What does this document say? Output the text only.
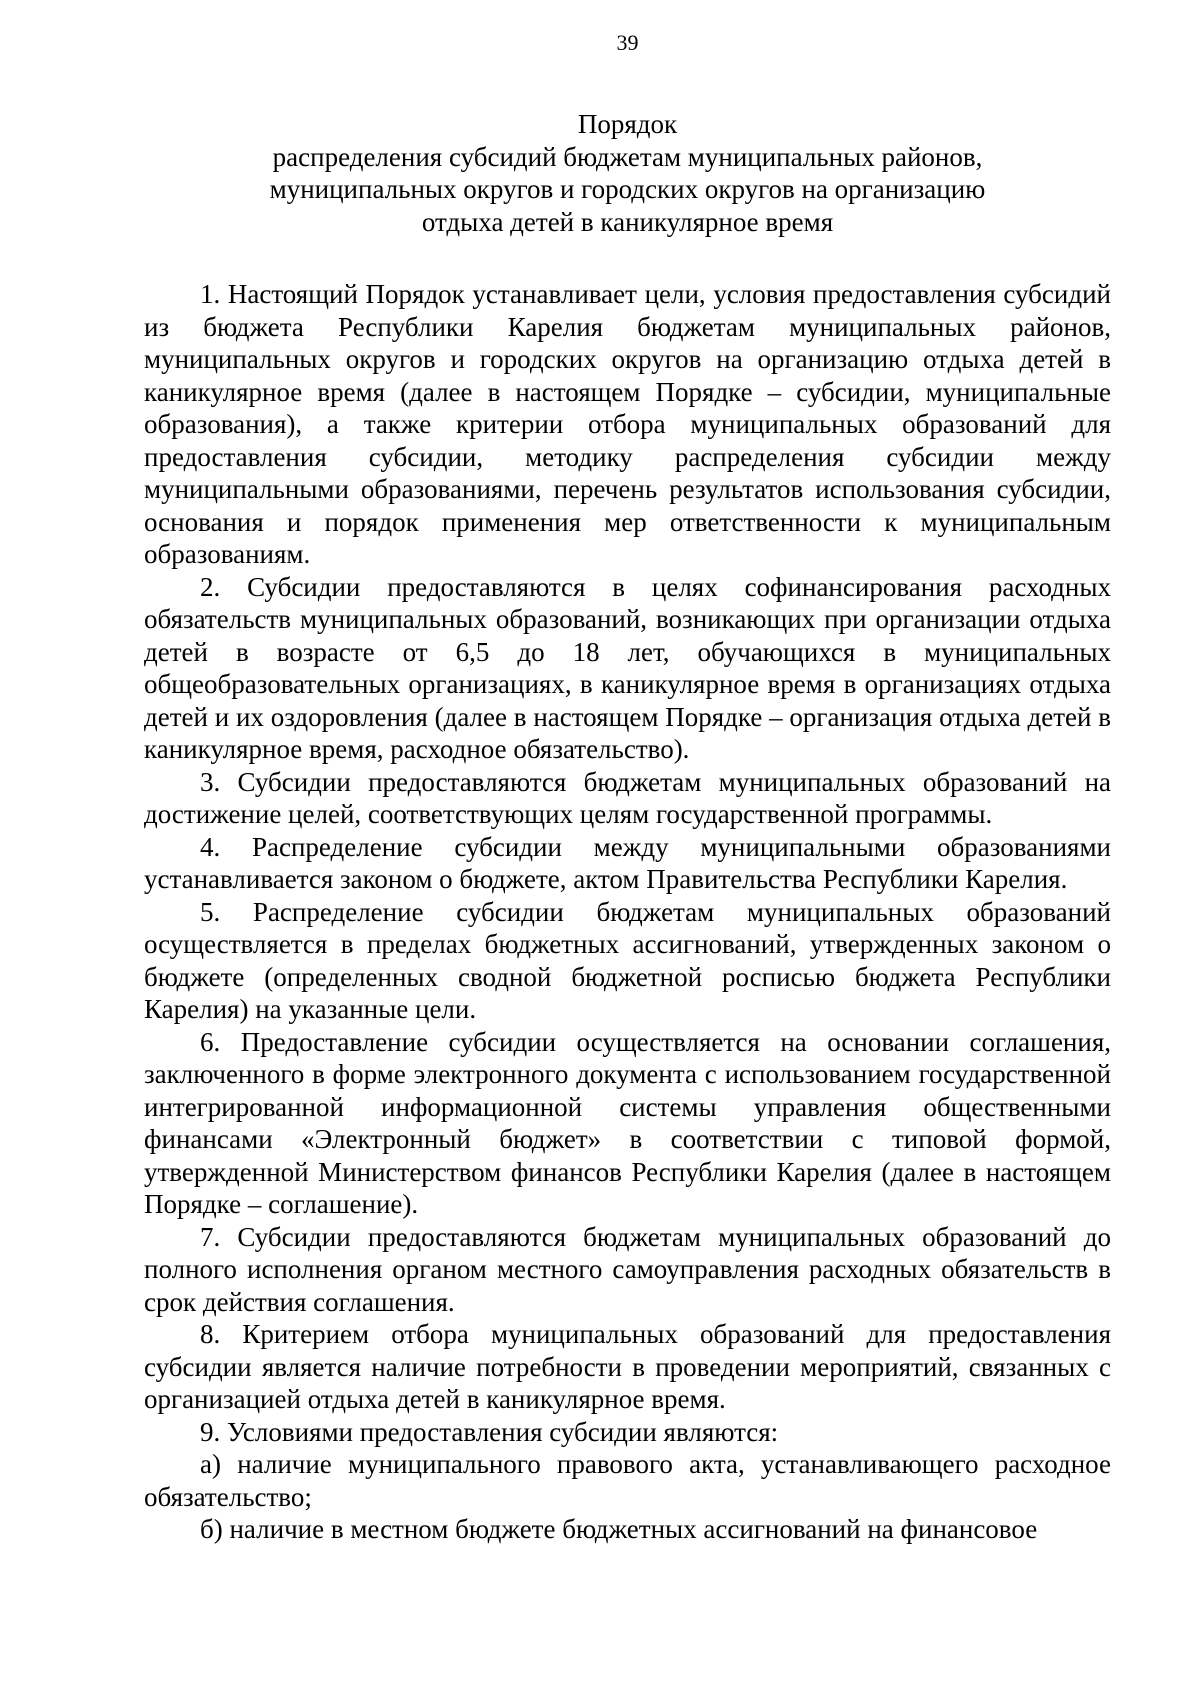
39
Порядок
распределения субсидий бюджетам муниципальных районов,
муниципальных округов и городских округов на организацию
отдыха детей в каникулярное время

1. Настоящий Порядок устанавливает цели, условия предоставления субсидий из бюджета Республики Карелия бюджетам муниципальных районов, муниципальных округов и городских округов на организацию отдыха детей в каникулярное время (далее в настоящем Порядке – субсидии, муниципальные образования), а также критерии отбора муниципальных образований для предоставления субсидии, методику распределения субсидии между муниципальными образованиями, перечень результатов использования субсидии, основания и порядок применения мер ответственности к муниципальным образованиям.

2. Субсидии предоставляются в целях софинансирования расходных обязательств муниципальных образований, возникающих при организации отдыха детей в возрасте от 6,5 до 18 лет, обучающихся в муниципальных общеобразовательных организациях, в каникулярное время в организациях отдыха детей и их оздоровления (далее в настоящем Порядке – организация отдыха детей в каникулярное время, расходное обязательство).

3. Субсидии предоставляются бюджетам муниципальных образований на достижение целей, соответствующих целям государственной программы.

4. Распределение субсидии между муниципальными образованиями устанавливается законом о бюджете, актом Правительства Республики Карелия.

5. Распределение субсидии бюджетам муниципальных образований осуществляется в пределах бюджетных ассигнований, утвержденных законом о бюджете (определенных сводной бюджетной росписью бюджета Республики Карелия) на указанные цели.

6. Предоставление субсидии осуществляется на основании соглашения, заключенного в форме электронного документа с использованием государственной интегрированной информационной системы управления общественными финансами «Электронный бюджет» в соответствии с типовой формой, утвержденной Министерством финансов Республики Карелия (далее в настоящем Порядке – соглашение).

7. Субсидии предоставляются бюджетам муниципальных образований до полного исполнения органом местного самоуправления расходных обязательств в срок действия соглашения.

8. Критерием отбора муниципальных образований для предоставления субсидии является наличие потребности в проведении мероприятий, связанных с организацией отдыха детей в каникулярное время.

9. Условиями предоставления субсидии являются:

а) наличие муниципального правового акта, устанавливающего расходное обязательство;

б) наличие в местном бюджете бюджетных ассигнований на финансовое
